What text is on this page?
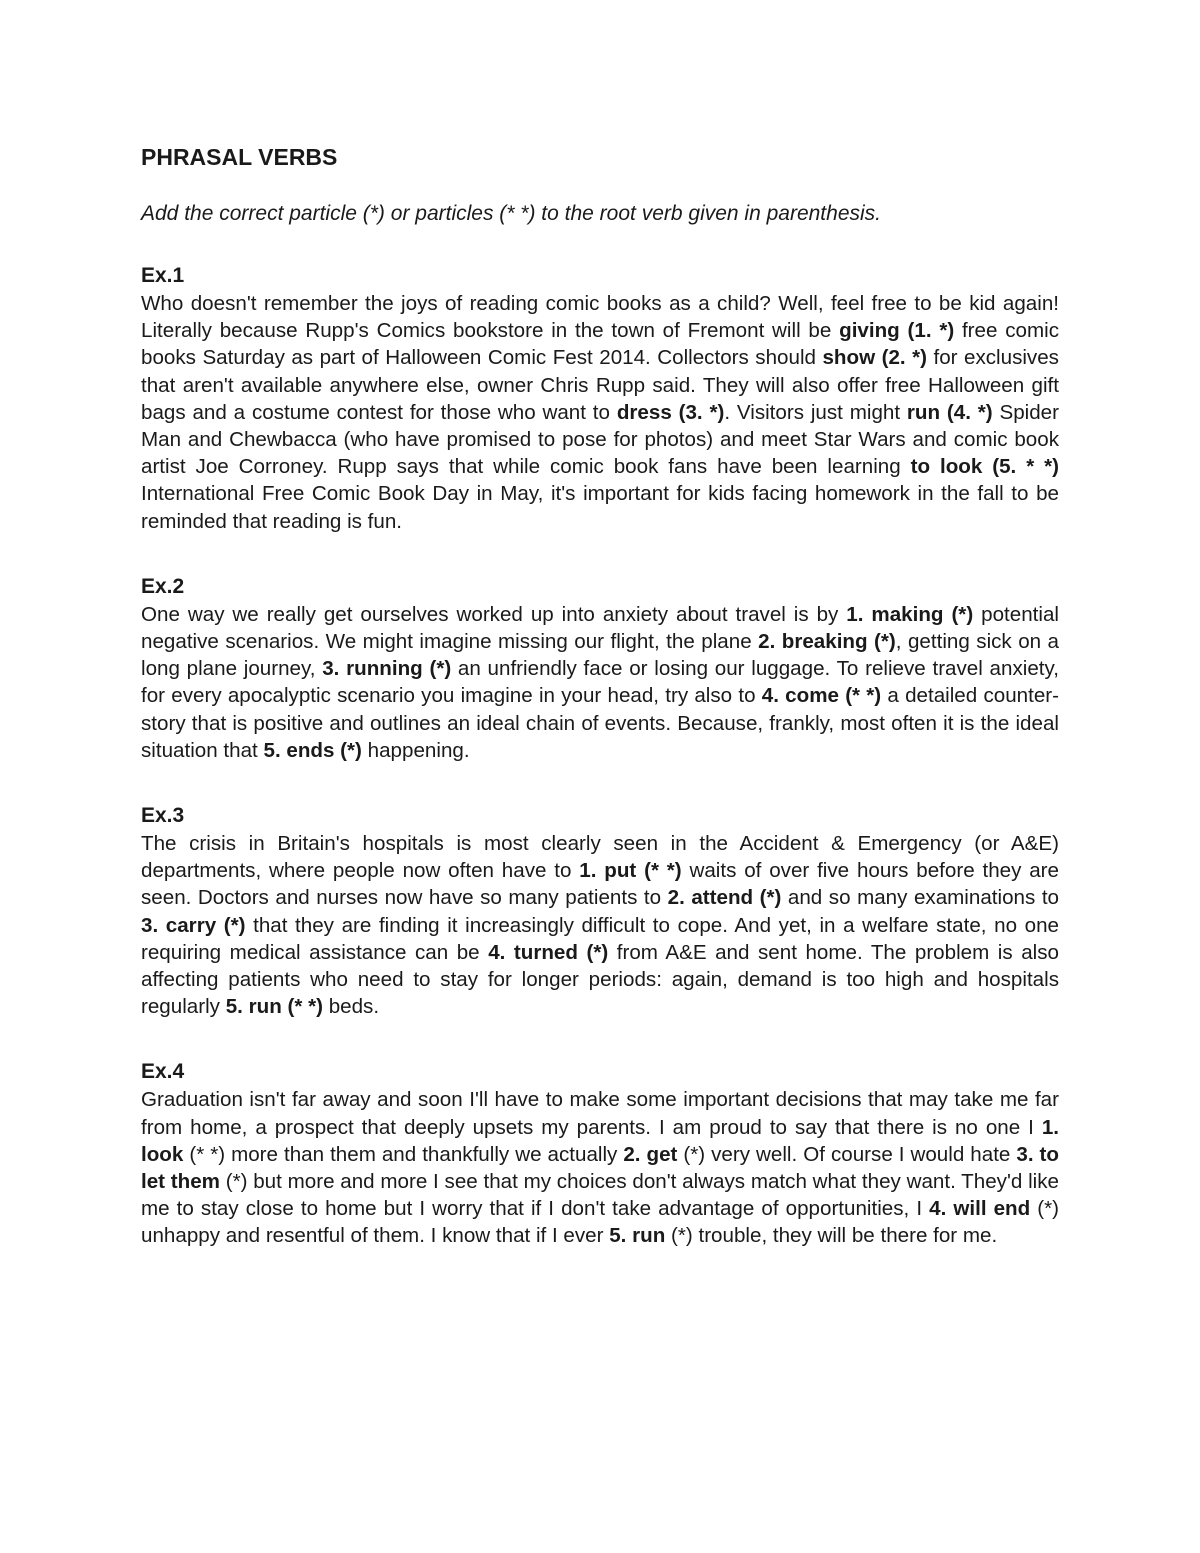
PHRASAL VERBS

Add the correct particle (*) or particles (* *) to the root verb given in parenthesis.

Ex.1

Who doesn't remember the joys of reading comic books as a child? Well, feel free to be kid again! Literally because Rupp's Comics bookstore in the town of Fremont will be giving (1. *) free comic books Saturday as part of Halloween Comic Fest 2014. Collectors should show (2. *) for exclusives that aren't available anywhere else, owner Chris Rupp said. They will also offer free Halloween gift bags and a costume contest for those who want to dress (3. *). Visitors just might run (4. *) Spider Man and Chewbacca (who have promised to pose for photos) and meet Star Wars and comic book artist Joe Corroney. Rupp says that while comic book fans have been learning to look (5. * *) International Free Comic Book Day in May, it's important for kids facing homework in the fall to be reminded that reading is fun.

Ex.2

One way we really get ourselves worked up into anxiety about travel is by 1. making (*) potential negative scenarios. We might imagine missing our flight, the plane 2. breaking (*), getting sick on a long plane journey, 3. running (*) an unfriendly face or losing our luggage. To relieve travel anxiety, for every apocalyptic scenario you imagine in your head, try also to 4. come (* *) a detailed counter-story that is positive and outlines an ideal chain of events. Because, frankly, most often it is the ideal situation that 5. ends (*) happening.

Ex.3

The crisis in Britain's hospitals is most clearly seen in the Accident & Emergency (or A&E) departments, where people now often have to 1. put (* *) waits of over five hours before they are seen. Doctors and nurses now have so many patients to 2. attend (*) and so many examinations to 3. carry (*) that they are finding it increasingly difficult to cope. And yet, in a welfare state, no one requiring medical assistance can be 4. turned (*) from A&E and sent home. The problem is also affecting patients who need to stay for longer periods: again, demand is too high and hospitals regularly 5. run (* *) beds.

Ex.4

Graduation isn't far away and soon I'll have to make some important decisions that may take me far from home, a prospect that deeply upsets my parents. I am proud to say that there is no one I 1. look (* *) more than them and thankfully we actually 2. get (*) very well. Of course I would hate 3. to let them (*) but more and more I see that my choices don't always match what they want. They'd like me to stay close to home but I worry that if I don't take advantage of opportunities, I 4. will end (*) unhappy and resentful of them. I know that if I ever 5. run (*) trouble, they will be there for me.
